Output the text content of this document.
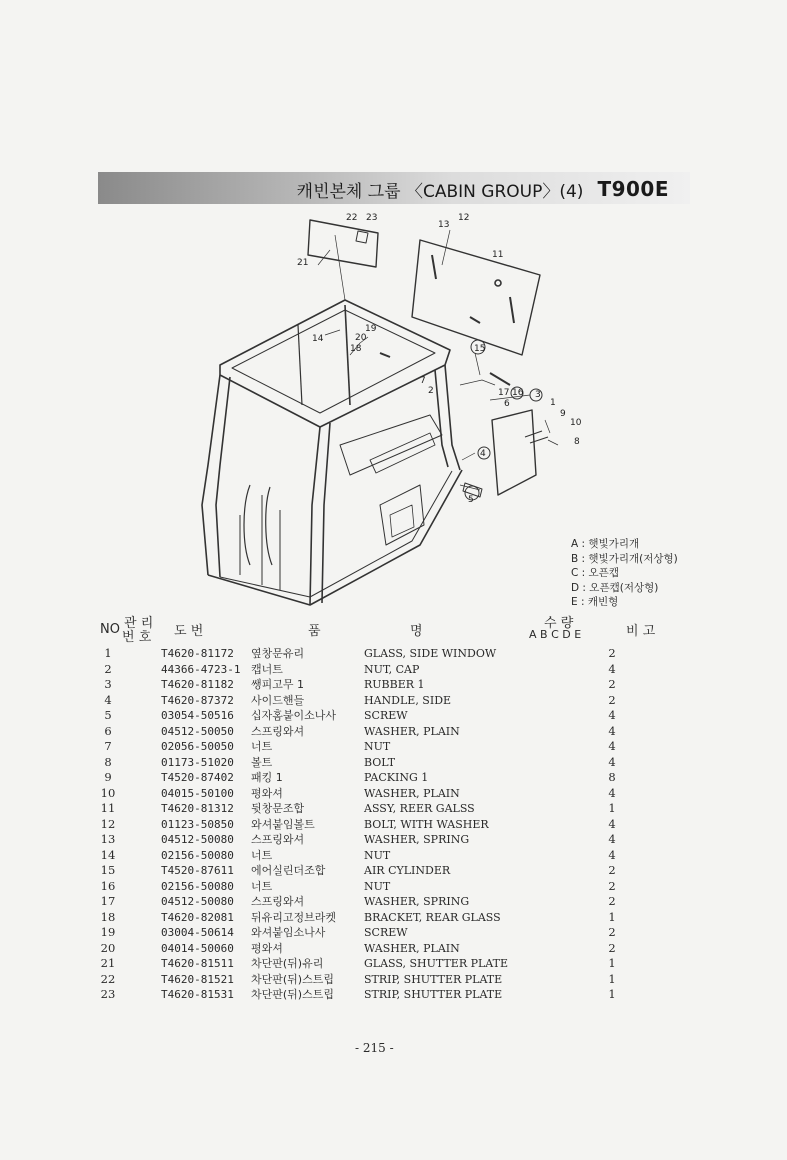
캐빈본체 그룹 〈CABIN GROUP〉(4) T900E
22 23
13
12
11
21
19
20
18
14
15
7
2	17 16
6
3
1
9
10
8
4
5
A : 햇빛가리개
B : 햇빛가리개(저상형)
C : 오픈캡
D : 오픈캡(저상형)
E : 캐빈형
NO 관 리
번 호 도 번	품	명
수 량
A B C D E	비 고
1	T4620-81172 옆창문유리	GLASS, SIDE WINDOW	2
2	44366-4723-1 캡너트	NUT, CAP	4
3	T4620-81182 쌩피고무 1	RUBBER 1	2
4	T4620-87372 사이드핸들	HANDLE, SIDE	2
5	03054-50516 십자홈붙이소나사	SCREW	4
6	04512-50050 스프링와셔	WASHER, PLAIN	4
7	02056-50050 너트	NUT	4
8	01173-51020 볼트	BOLT	4
9	T4520-87402 패킹 1	PACKING 1	8
10	04015-50100 평와셔	WASHER, PLAIN	4
11	T4620-81312 뒷창문조합	ASSY, REER GALSS	1
12	01123-50850 와셔붙임볼트	BOLT, WITH WASHER	4
13	04512-50080 스프링와셔	WASHER, SPRING	4
14	02156-50080 너트	NUT	4
15	T4520-87611 에어실린더조합	AIR CYLINDER	2
16	02156-50080 너트	NUT	2
17	04512-50080 스프링와셔	WASHER, SPRING	2
18	T4620-82081 뒤유리고정브라켓	BRACKET, REAR GLASS	1
19	03004-50614 와셔붙임소나사	SCREW	2
20	04014-50060 평와셔	WASHER, PLAIN	2
21	T4620-81511 차단판(뒤)유리	GLASS, SHUTTER PLATE	1
22	T4620-81521 차단판(뒤)스트립	STRIP, SHUTTER PLATE	1
23	T4620-81531 차단판(뒤)스트립	STRIP, SHUTTER PLATE	1
- 215 -
